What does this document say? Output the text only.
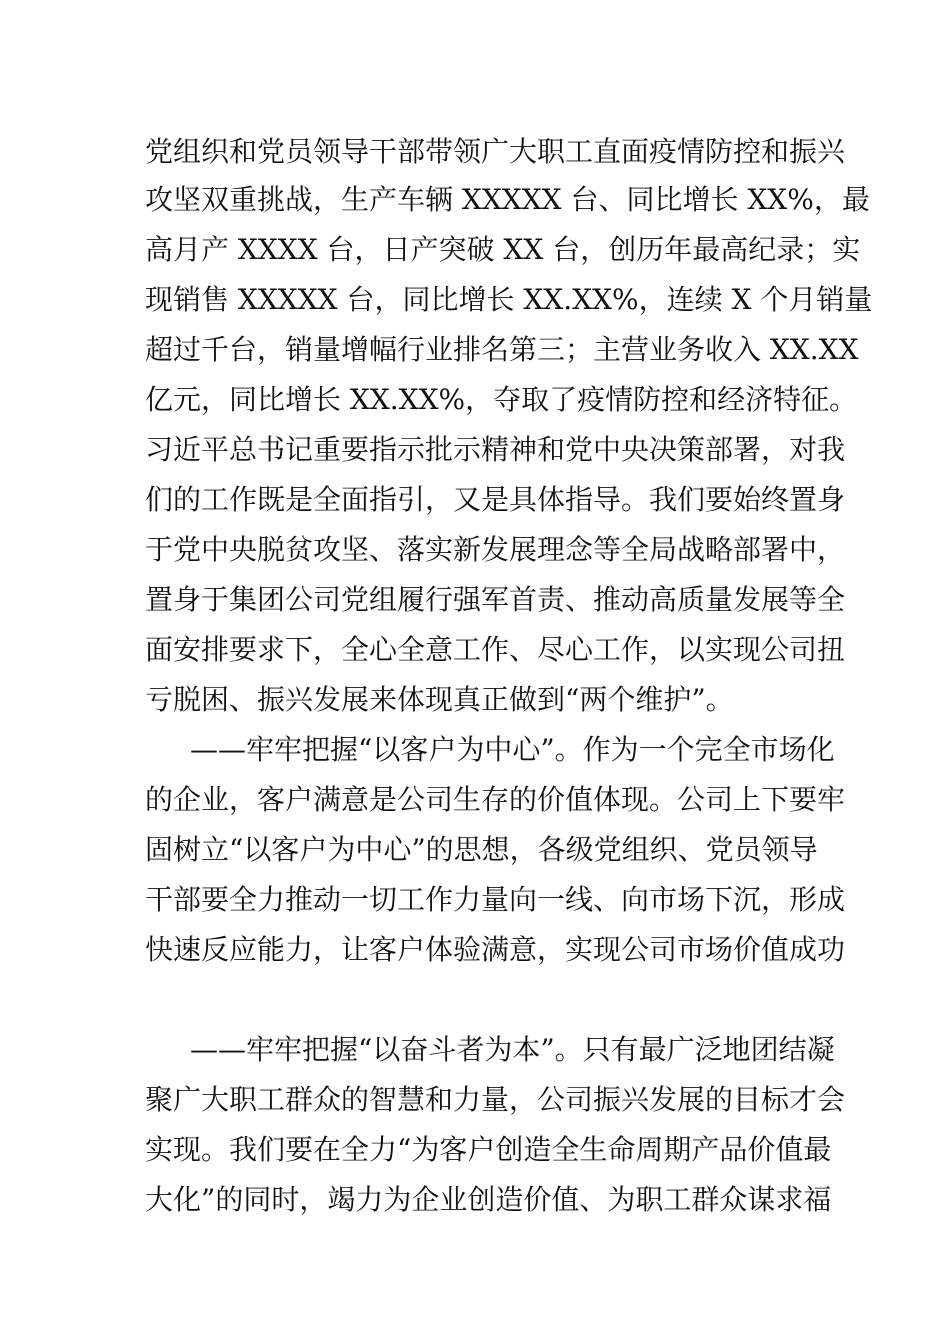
党组织和党员领导干部带领广大职工直面疫情防控和振兴
攻坚双重挑战，生产车辆 XXXXX 台、同比增长 XX%，最
高月产 XXXX 台，日产突破 XX 台，创历年最高纪录；实
现销售 XXXXX 台，同比增长 XX.XX%，连续 X 个月销量
超过千台，销量增幅行业排名第三；主营业务收入 XX.XX
亿元，同比增长 XX.XX%，夺取了疫情防控和经济特征。
习近平总书记重要指示批示精神和党中央决策部署，对我
们的工作既是全面指引，又是具体指导。我们要始终置身
于党中央脱贫攻坚、落实新发展理念等全局战略部署中，
置身于集团公司党组履行强军首责、推动高质量发展等全
面安排要求下，全心全意工作、尽心工作，以实现公司扭
亏脱困、振兴发展来体现真正做到“两个维护”。
——牢牢把握“以客户为中心”。作为一个完全市场化
的企业，客户满意是公司生存的价值体现。公司上下要牢
固树立“以客户为中心”的思想，各级党组织、党员领导
干部要全力推动一切工作力量向一线、向市场下沉，形成
快速反应能力，让客户体验满意，实现公司市场价值成功
——牢牢把握“以奋斗者为本”。只有最广泛地团结凝
聚广大职工群众的智慧和力量，公司振兴发展的目标才会
实现。我们要在全力“为客户创造全生命周期产品价值最
大化”的同时，竭力为企业创造价值、为职工群众谋求福
